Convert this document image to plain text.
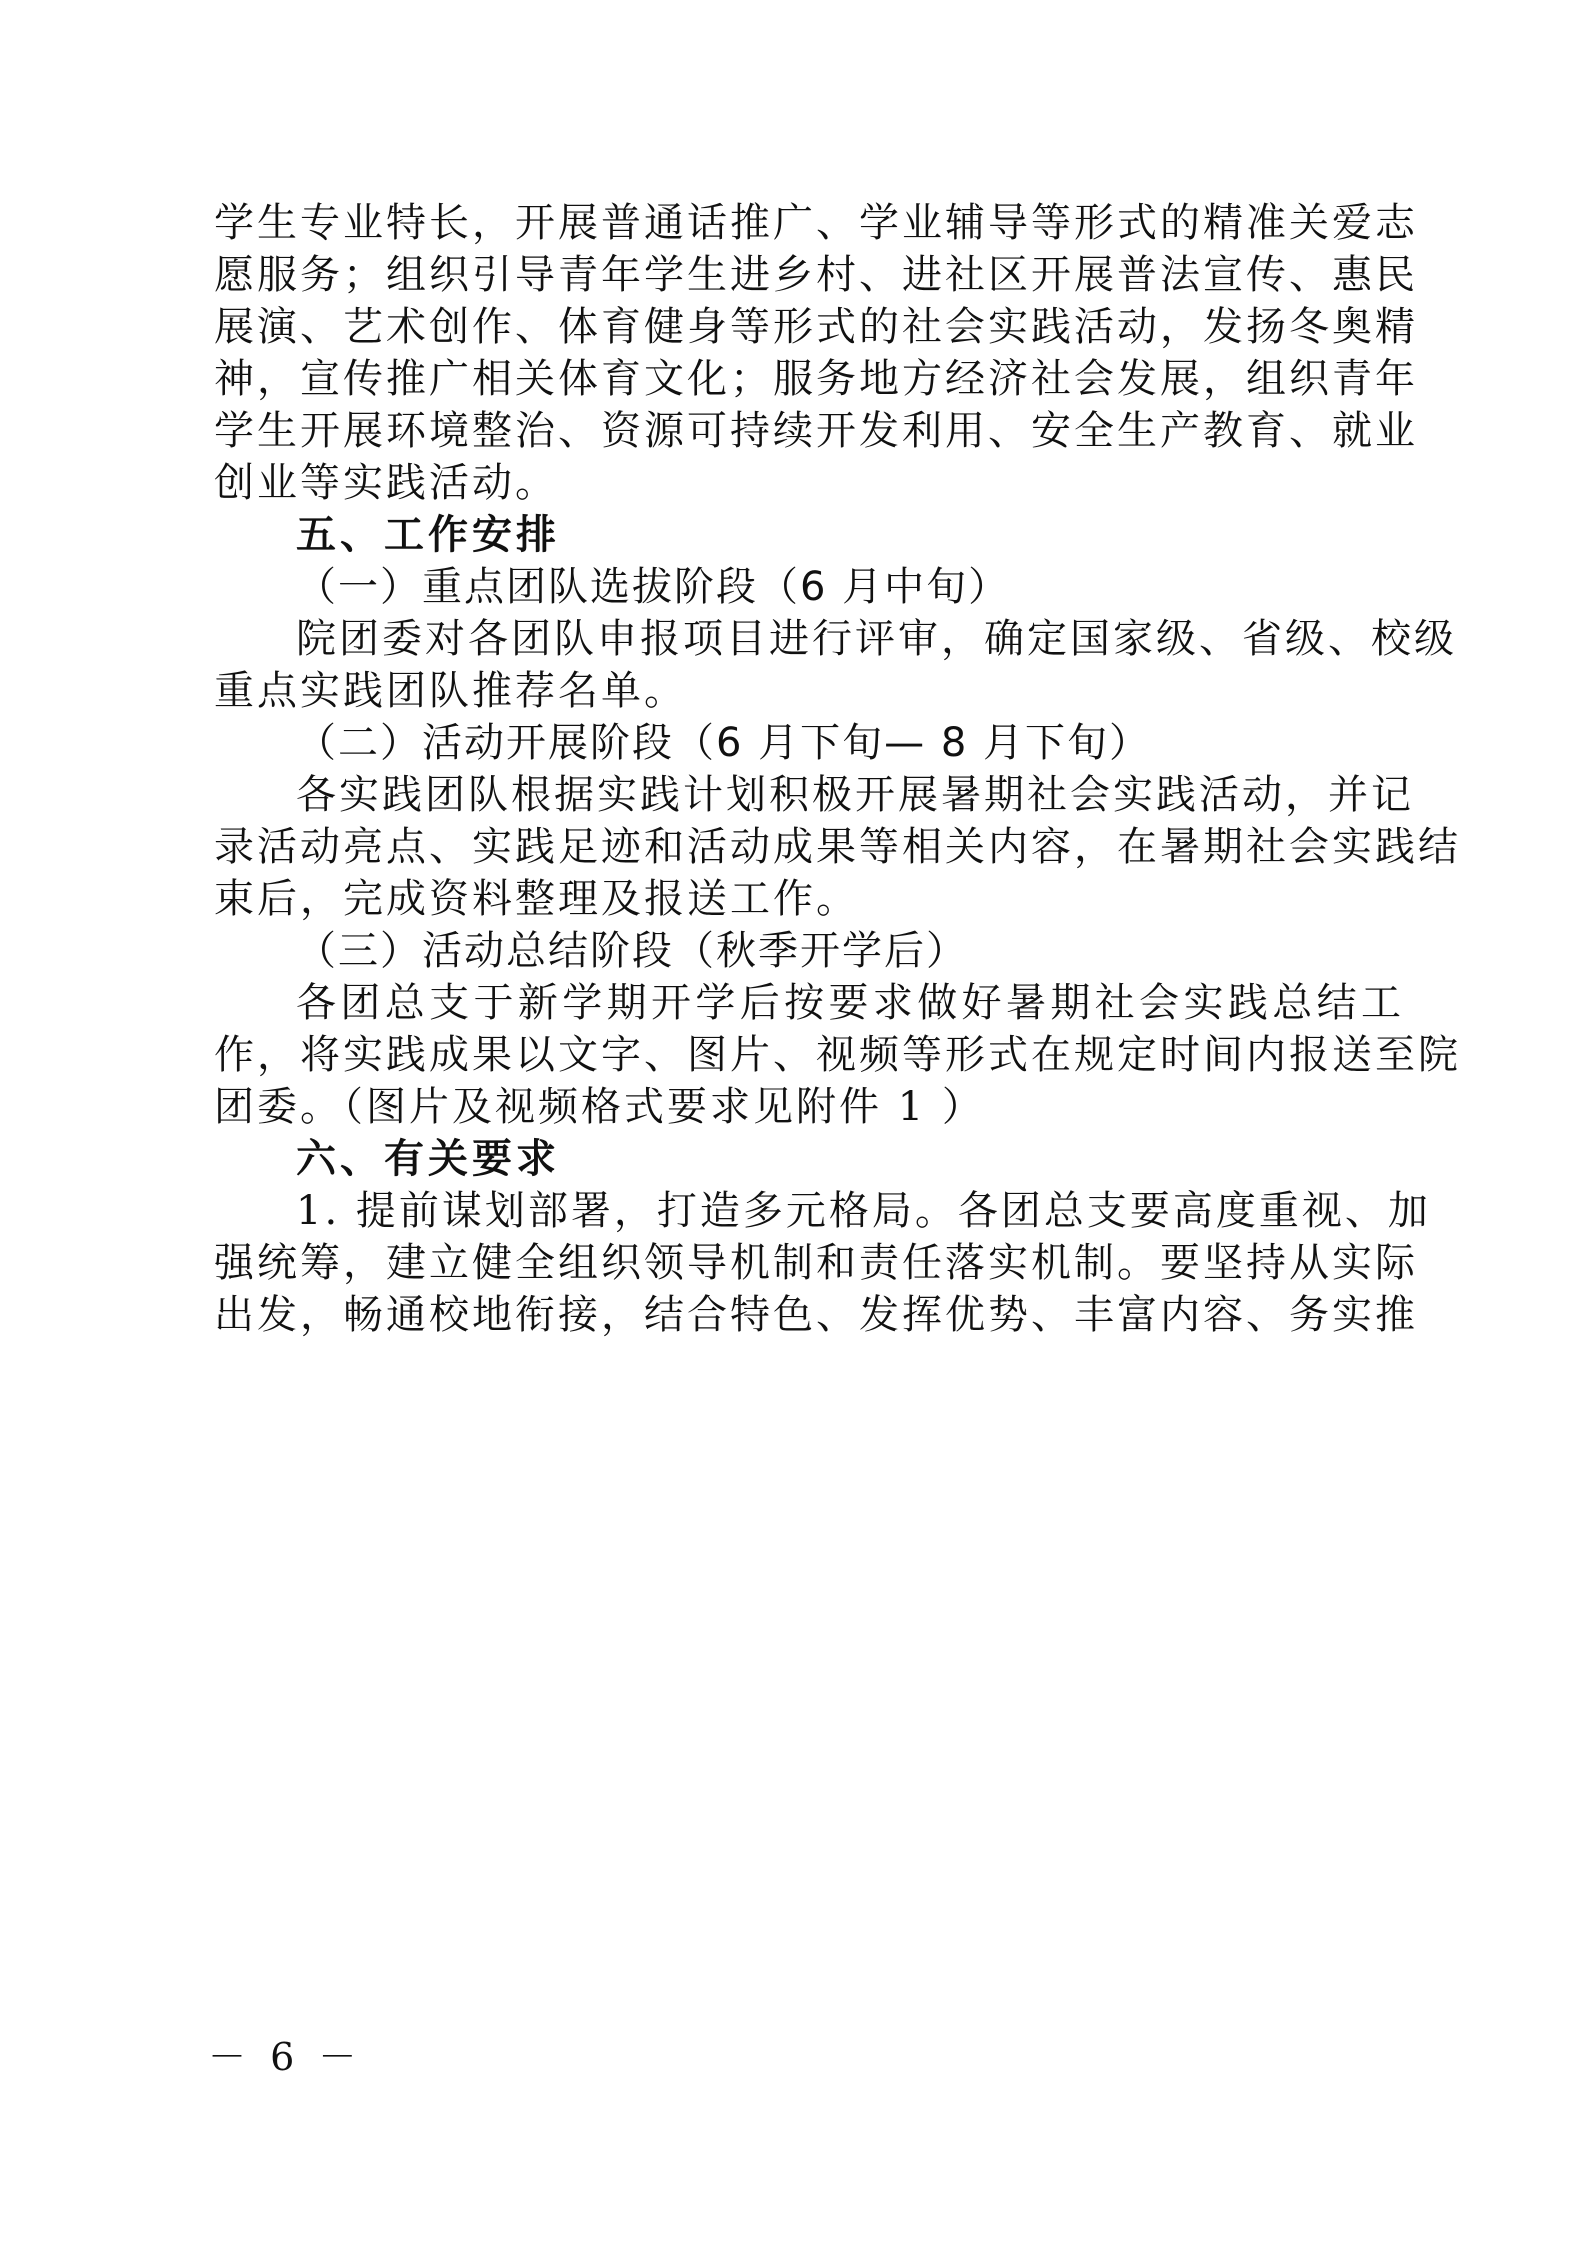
学生专业特长，开展普通话推广、学业辅导等形式的精准关爱志
愿服务；组织引导青年学生进乡村、进社区开展普法宣传、惠民
展演、艺术创作、体育健身等形式的社会实践活动，发扬冬奥精
神，宣传推广相关体育文化；服务地方经济社会发展，组织青年
学生开展环境整治、资源可持续开发利用、安全生产教育、就业
创业等实践活动。
五、工作安排
（一）重点团队选拔阶段（6 月中旬）
院团委对各团队申报项目进行评审，确定国家级、省级、校级
重点实践团队推荐名单。
（二）活动开展阶段（6 月下旬— 8 月下旬）
各实践团队根据实践计划积极开展暑期社会实践活动，并记
录活动亮点、实践足迹和活动成果等相关内容，在暑期社会实践结
束后，完成资料整理及报送工作。
（三）活动总结阶段（秋季开学后）
各团总支于新学期开学后按要求做好暑期社会实践总结工
作，将实践成果以文字、图片、视频等形式在规定时间内报送至院
团委。（图片及视频格式要求见附件 1 ）
六、有关要求
1. 提前谋划部署，打造多元格局。各团总支要高度重视、加
强统筹，建立健全组织领导机制和责任落实机制。要坚持从实际
出发，畅通校地衔接，结合特色、发挥优势、丰富内容、务实推
－ 6 －
